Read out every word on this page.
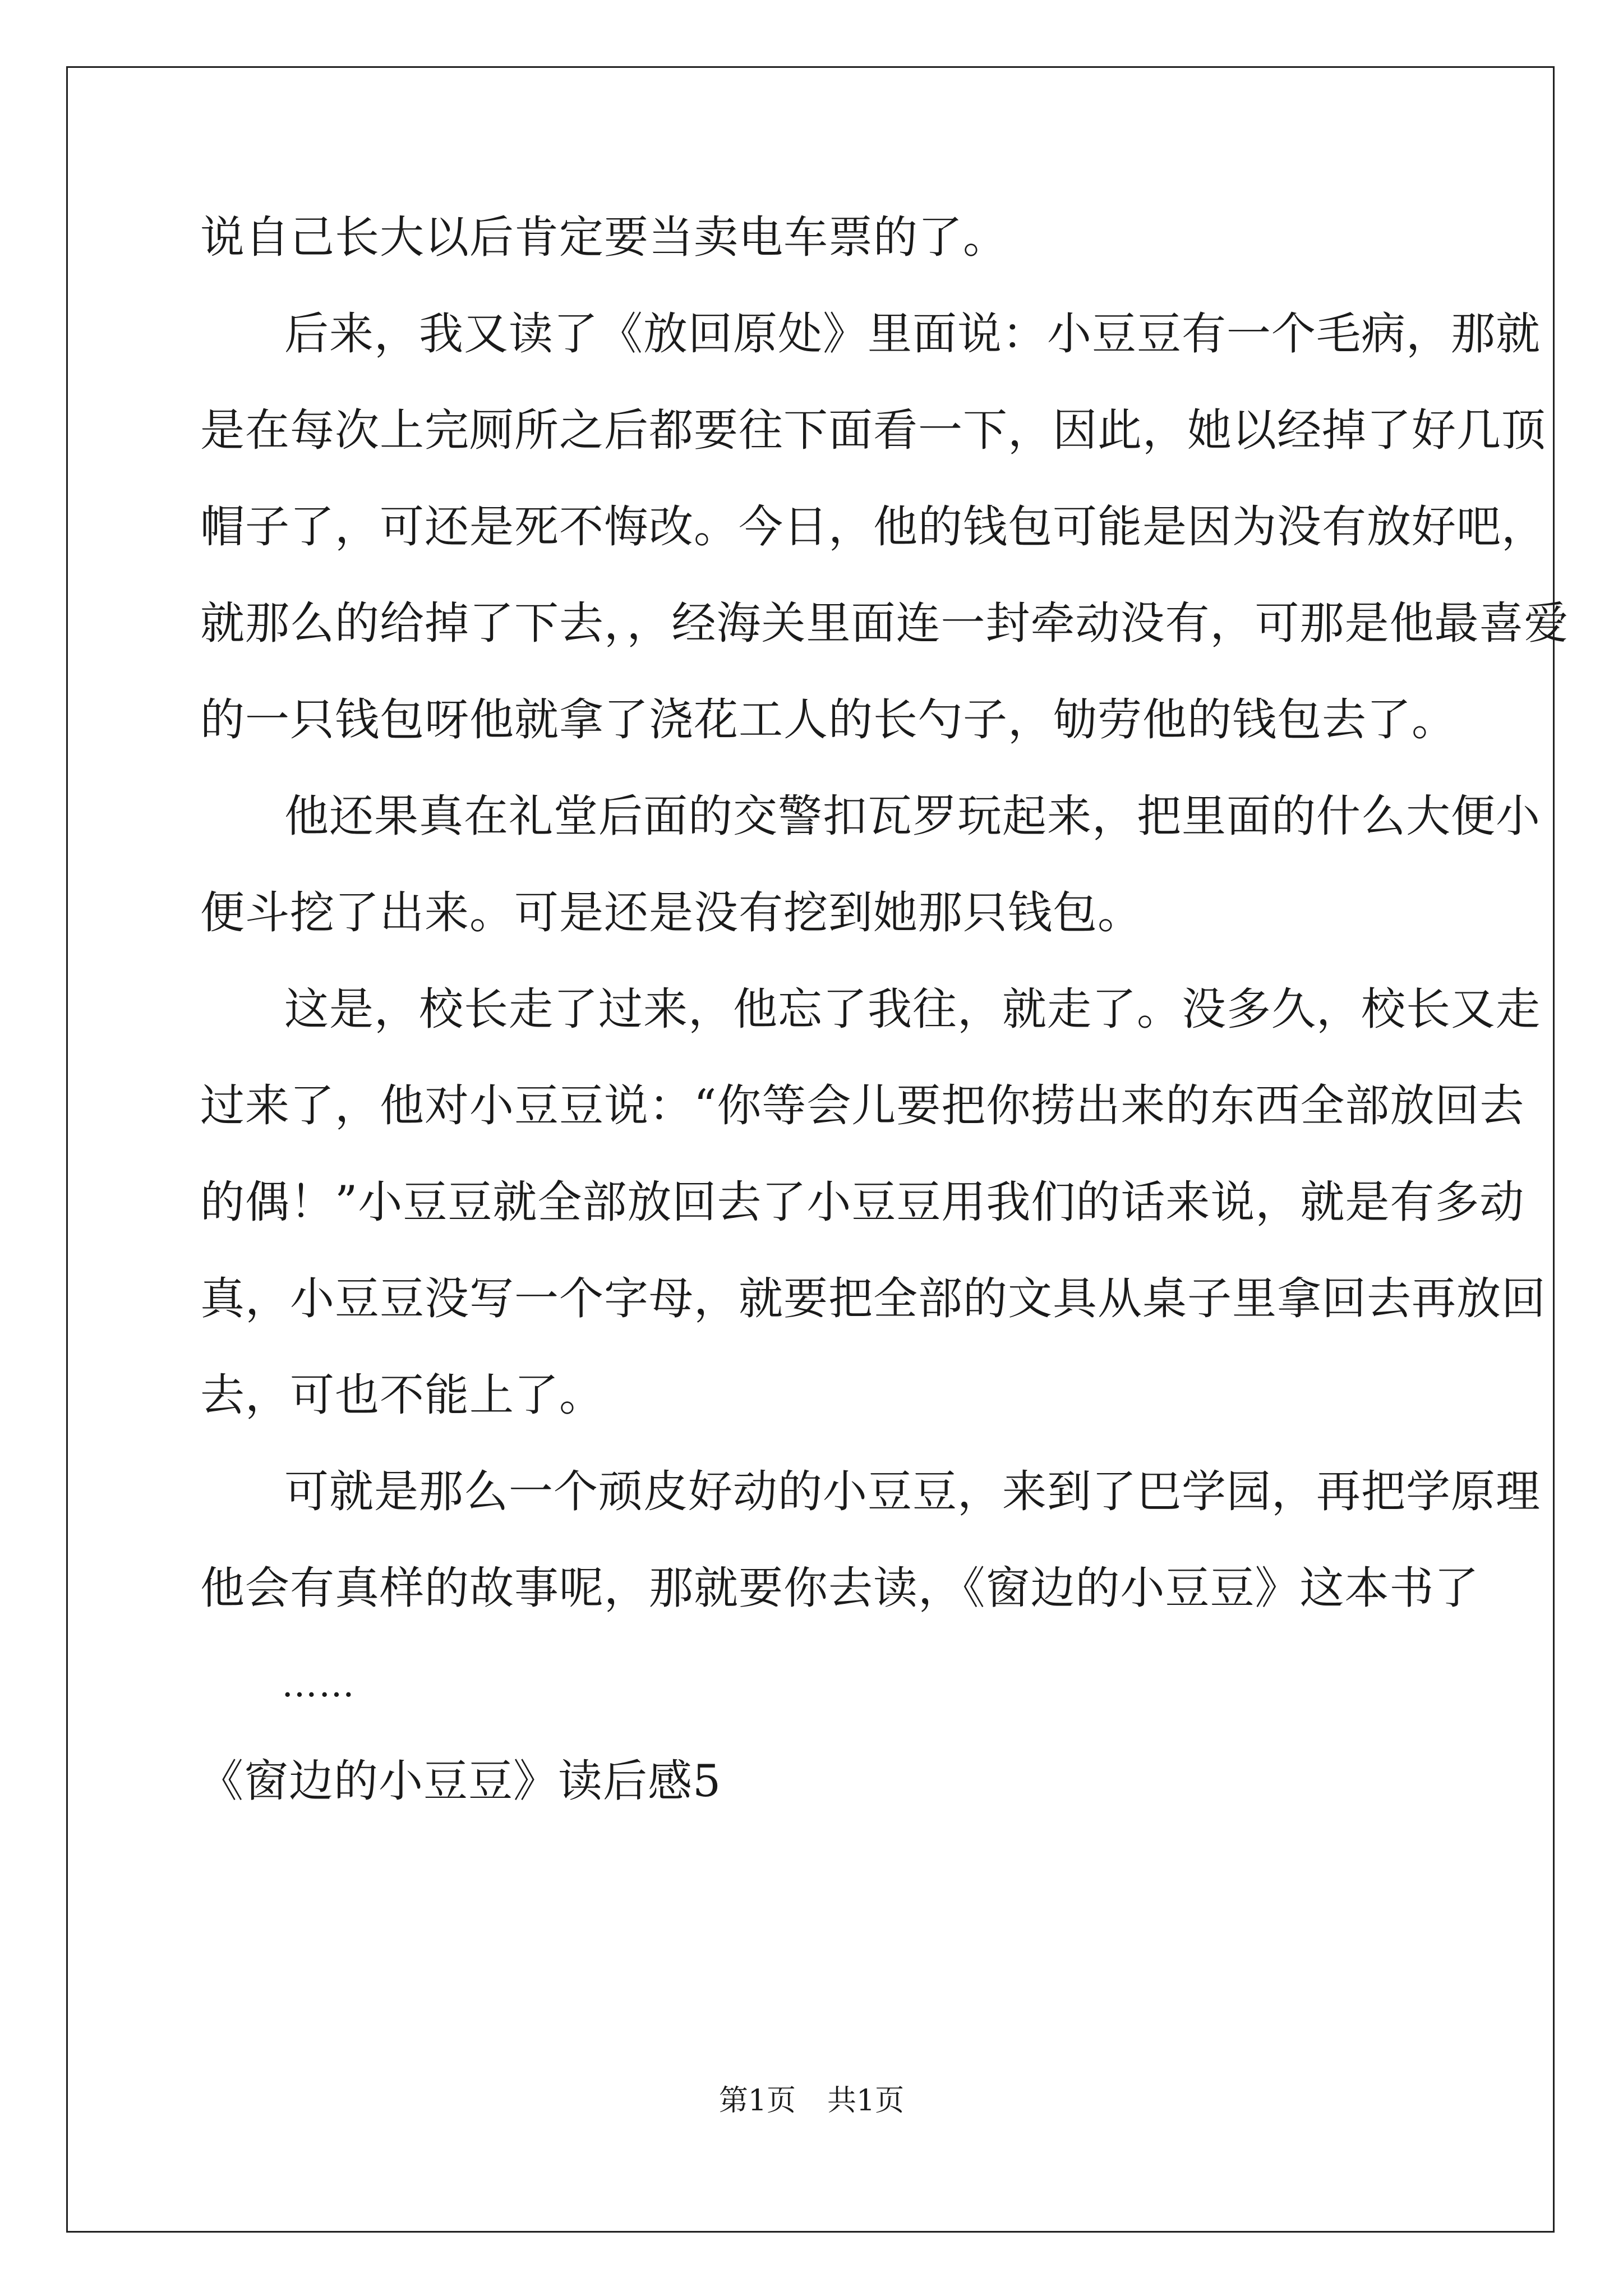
说自己长大以后肯定要当卖电车票的了。
后来，我又读了《放回原处》里面说：小豆豆有一个毛病，那就
是在每次上完厕所之后都要往下面看一下，因此，她以经掉了好几顶
帽子了，可还是死不悔改。今日，他的钱包可能是因为没有放好吧，
就那么的给掉了下去，，经海关里面连一封牵动没有，可那是他最喜爱
的一只钱包呀他就拿了浇花工人的长勺子，劬劳他的钱包去了。
他还果真在礼堂后面的交警扣瓦罗玩起来，把里面的什么大便小
便斗挖了出来。可是还是没有挖到她那只钱包。
这是，校长走了过来，他忘了我往，就走了。没多久，校长又走
过来了，他对小豆豆说：“你等会儿要把你捞出来的东西全部放回去
的偶！”小豆豆就全部放回去了小豆豆用我们的话来说，就是有多动
真，小豆豆没写一个字母，就要把全部的文具从桌子里拿回去再放回
去，可也不能上了。
可就是那么一个顽皮好动的小豆豆，来到了巴学园，再把学原理
他会有真样的故事呢，那就要你去读，《窗边的小豆豆》这本书了
……
《窗边的小豆豆》读后感5
第1页 共1页
